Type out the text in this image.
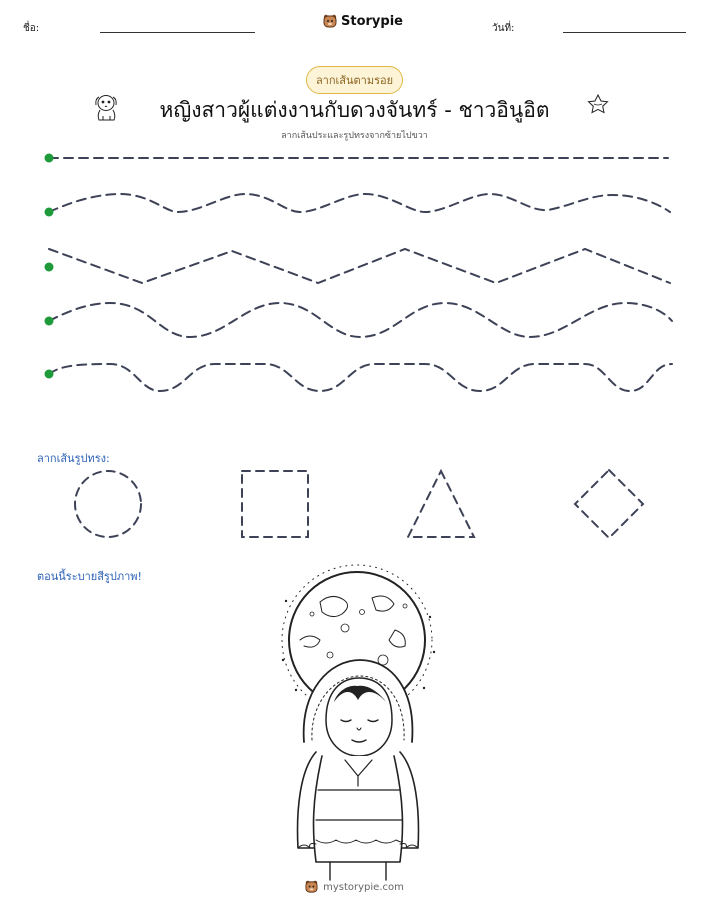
ชื่อ:	Storypie	วันที่:
ลากเส้นตามรอย
หญิงสาวผู้แต่งงานกับดวงจันทร์ - ชาวอินูอิต
ลากเส้นประและรูปทรงจากซ้ายไปขวา
ลากเส้นรูปทรง:
ตอนนี้ระบายสีรูปภาพ!
mystorypie.com
